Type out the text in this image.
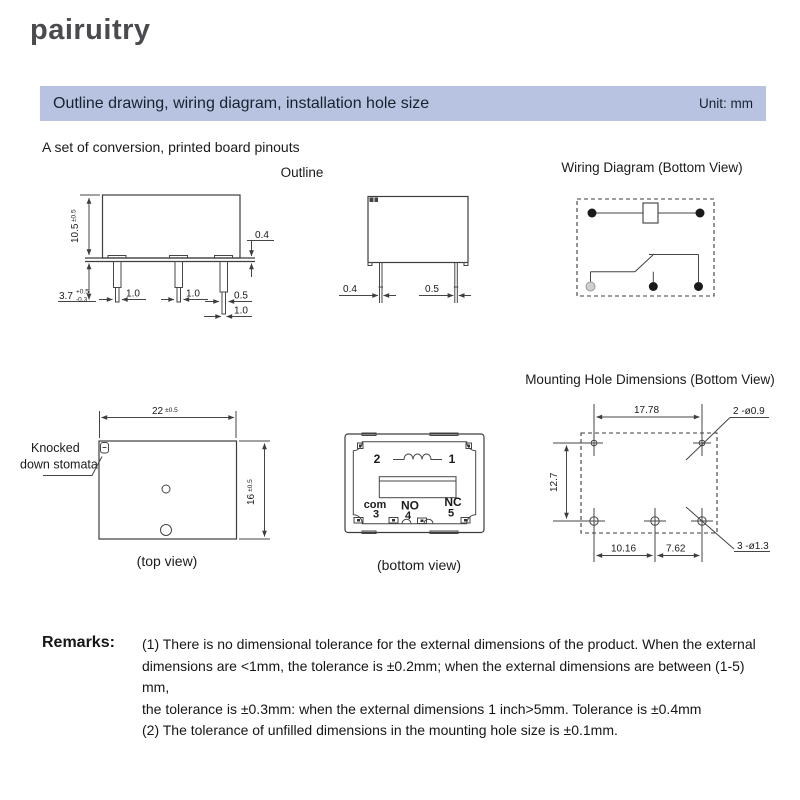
pairuitry
Outline drawing, wiring diagram, installation hole size	Unit: mm
A set of conversion, printed board pinouts
Outline	Wiring Diagram (Bottom View)
Mounting Hole Dimensions (Bottom View)
$10.5^{\pm 0.5}$
0.4
3.7 +0.5
-0.3
1.0	1.0	0.5
1.0
0.4	0.5
22 $^{\pm 0.5}$
$16^{\pm 0.5}$
Knocked
down stomata
(top view)
2	1
com NO NC
3 4	5
(bottom view)
17.78	2 -ø0.9
12.7
10.16	7.62	3 -ø1.3
Remarks:	(1) There is no dimensional tolerance for the external dimensions of the product. When the external
dimensions are <1mm, the tolerance is ±0.2mm; when the external dimensions are between (1-5) mm,
the tolerance is ±0.3mm: when the external dimensions 1 inch>5mm. Tolerance is ±0.4mm
(2) The tolerance of unfilled dimensions in the mounting hole size is ±0.1mm.
